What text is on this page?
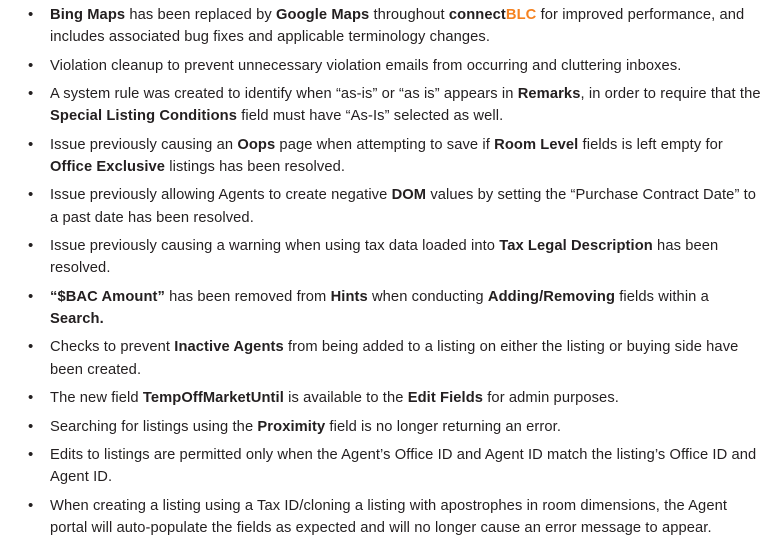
• Bing Maps has been replaced by Google Maps throughout connectBLC for improved performance, and includes associated bug fixes and applicable terminology changes.
• Violation cleanup to prevent unnecessary violation emails from occurring and cluttering inboxes.
• A system rule was created to identify when “as-is” or “as is” appears in Remarks, in order to require that the Special Listing Conditions field must have “As-Is” selected as well.
• Issue previously causing an Oops page when attempting to save if Room Level fields is left empty for Office Exclusive listings has been resolved.
• Issue previously allowing Agents to create negative DOM values by setting the “Purchase Contract Date” to a past date has been resolved.
• Issue previously causing a warning when using tax data loaded into Tax Legal Description has been resolved.
• “$BAC Amount” has been removed from Hints when conducting Adding/Removing fields within a Search.
• Checks to prevent Inactive Agents from being added to a listing on either the listing or buying side have been created.
• The new field TempOffMarketUntil is available to the Edit Fields for admin purposes.
• Searching for listings using the Proximity field is no longer returning an error.
• Edits to listings are permitted only when the Agent’s Office ID and Agent ID match the listing’s Office ID and Agent ID.
• When creating a listing using a Tax ID/cloning a listing with apostrophes in room dimensions, the Agent portal will auto-populate the fields as expected and will no longer cause an error message to appear.
